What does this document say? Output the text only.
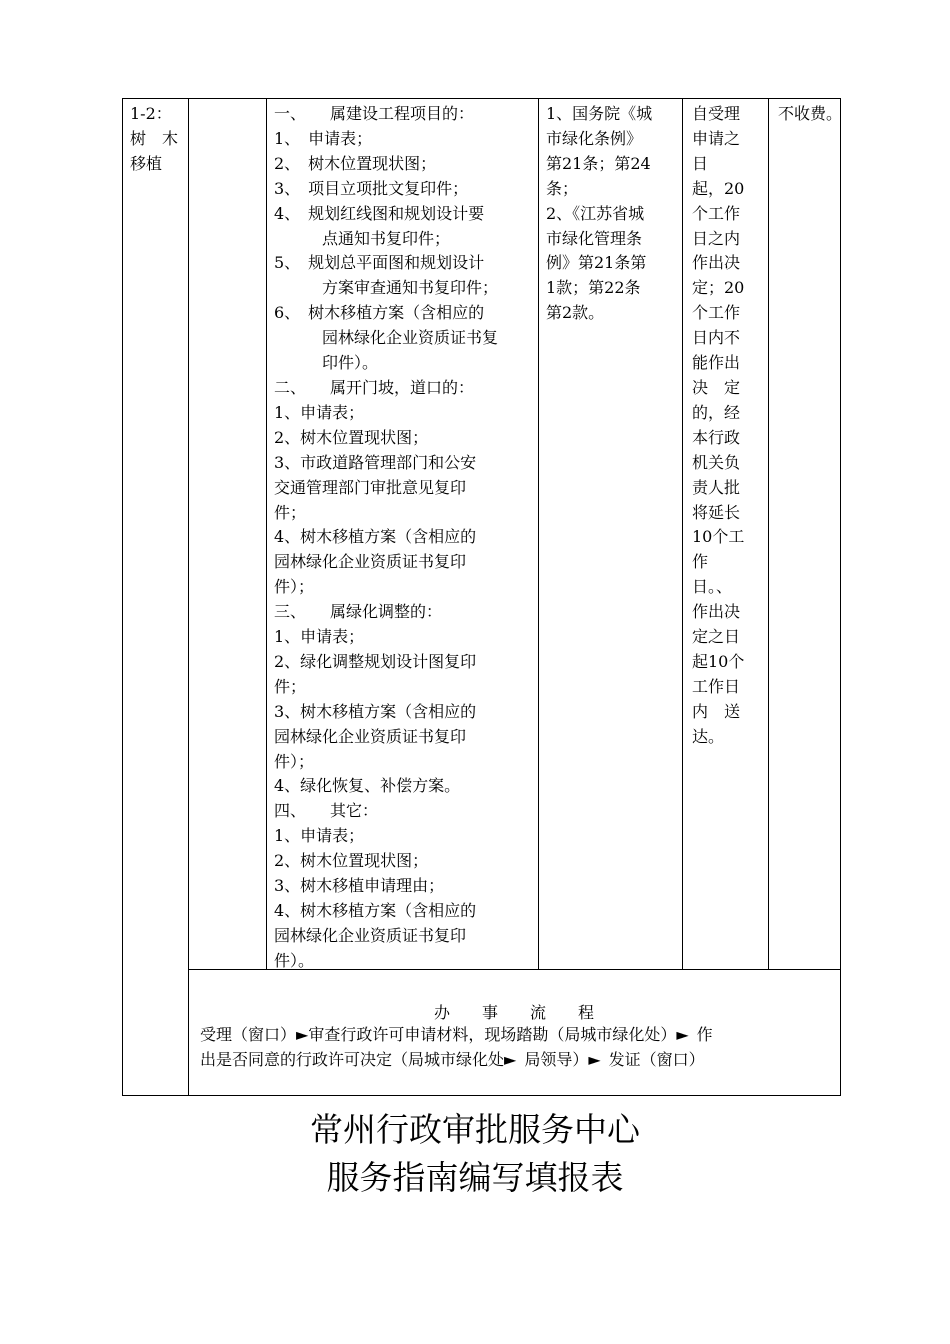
1-2：
树　木
移植
一、　　属建设工程项目的：
1、　申请表；
2、　树木位置现状图；
3、　项目立项批文复印件；
4、　规划红线图和规划设计要
　　　点通知书复印件；
5、　规划总平面图和规划设计
　　　方案审查通知书复印件；
6、　树木移植方案（含相应的
　　　园林绿化企业资质证书复
　　　印件）。
二、　　属开门坡，道口的：
1、申请表；
2、树木位置现状图；
3、市政道路管理部门和公安
交通管理部门审批意见复印
件；
4、树木移植方案（含相应的
园林绿化企业资质证书复印
件）；
三、　　属绿化调整的：
1、申请表；
2、绿化调整规划设计图复印
件；
3、树木移植方案（含相应的
园林绿化企业资质证书复印
件）；
4、绿化恢复、补偿方案。
四、　　其它：
1、申请表；
2、树木位置现状图；
3、树木移植申请理由；
4、树木移植方案（含相应的
园林绿化企业资质证书复印
件）。
1、国务院《城
市绿化条例》
第21条；第24
条；
2、《江苏省城
市绿化管理条
例》第21条第
1款；第22条
第2款。
自受理
申请之
日
起，20
个工作
日之内
作出决
定；20
个工作
日内不
能作出
决　定
的，经
本行政
机关负
责人批
将延长
10个工
作
日。、
作出决
定之日
起10个
工作日
内　送
达。
不收费。
办　　事　　流　　程
受理（窗口）►审查行政许可申请材料，现场踏勘（局城市绿化处）►  作
出是否同意的行政许可决定（局城市绿化处►  局领导）►  发证（窗口）
常州行政审批服务中心
服务指南编写填报表
